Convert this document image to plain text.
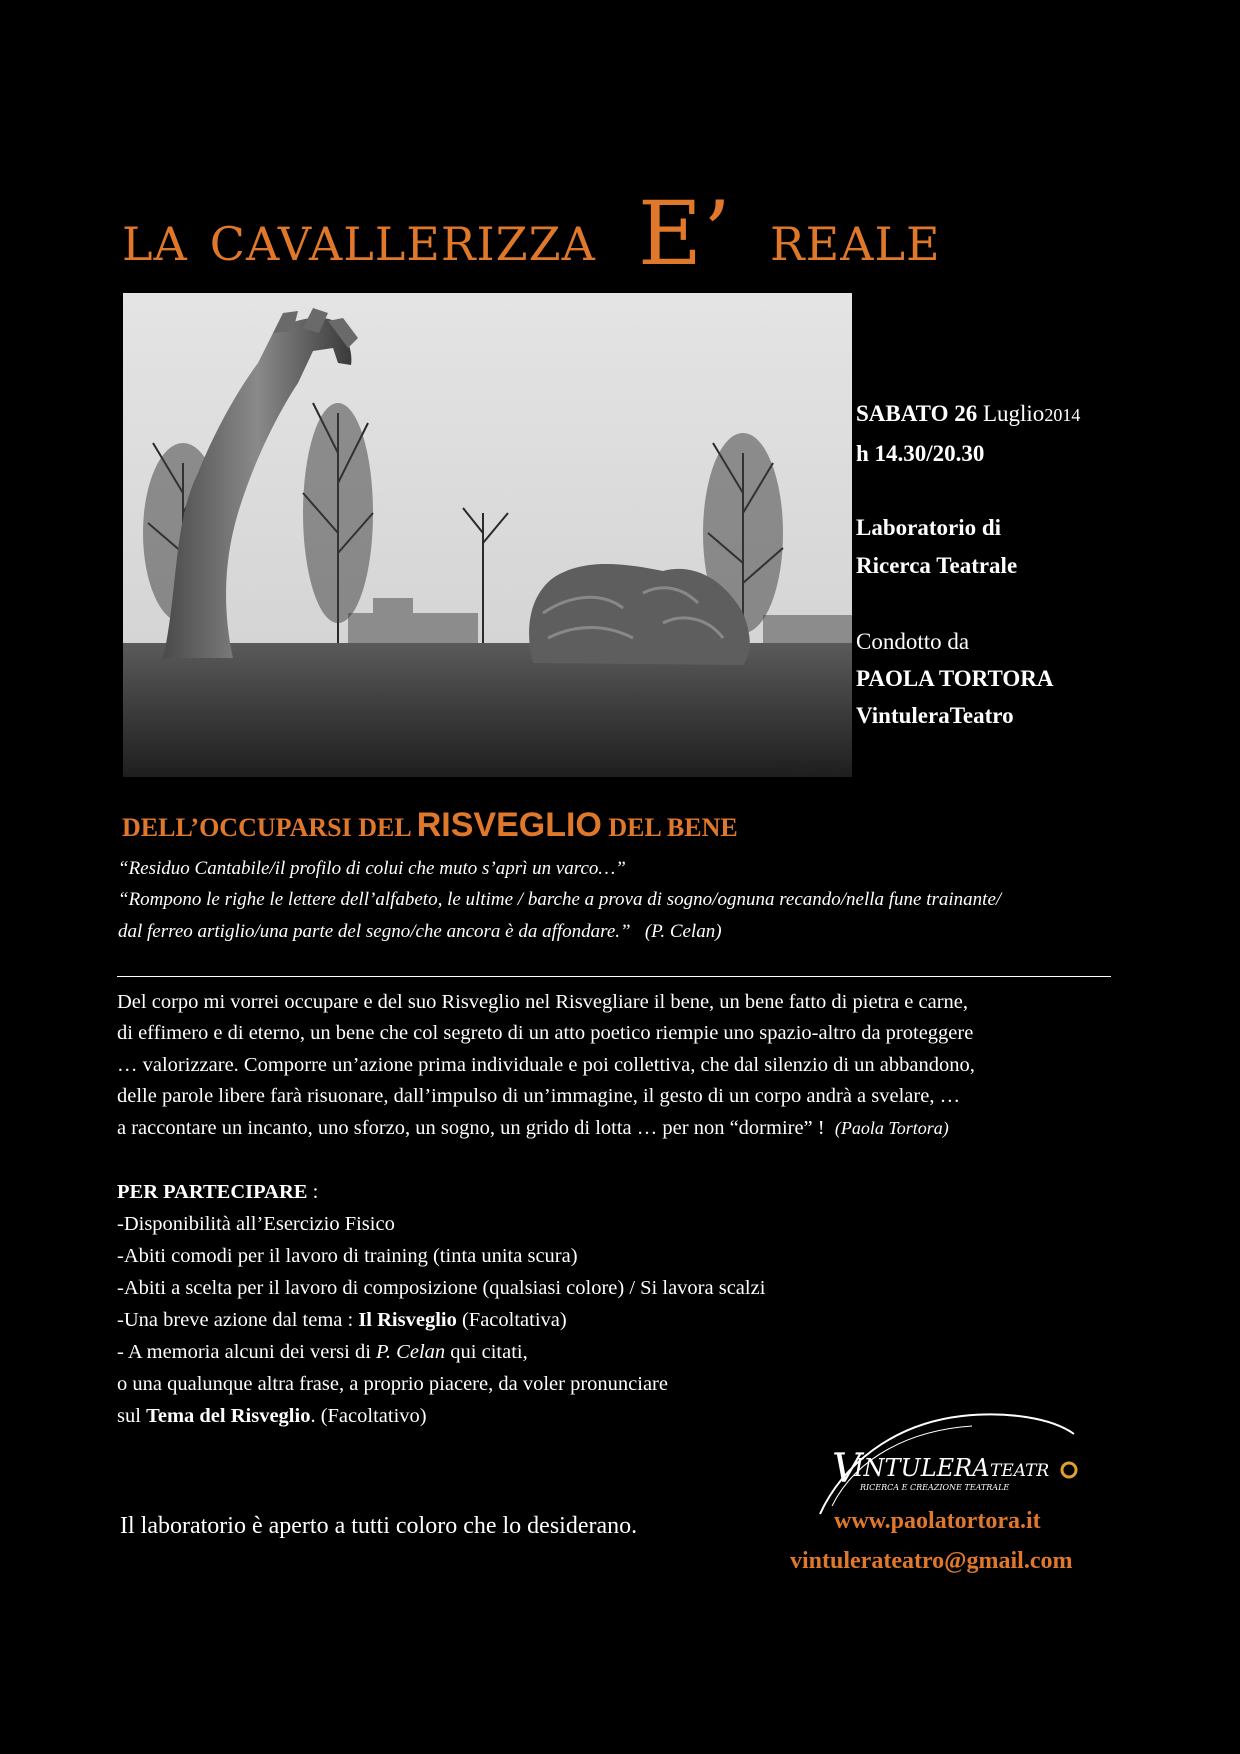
la cavallerizza E’ reale
( S. Johnson)
SABATO 26 Luglio2014
h 14.30/20.30
Laboratorio di
Ricerca Teatrale
Condotto da
PAOLA TORTORA
VintuleraTeatro
DELL’OCCUPARSI DEL RISVEGLIO DEL BENE
“Residuo Cantabile/il profilo di colui che muto s’aprì un varco…”
“Rompono le righe le lettere dell’alfabeto, le ultime / barche a prova di sogno/ognuna recando/nella fune trainante/
dal ferreo artiglio/una parte del segno/che ancora è da affondare.” (P. Celan)
Del corpo mi vorrei occupare e del suo Risveglio nel Risvegliare il bene, un bene fatto di pietra e carne,
di effimero e di eterno, un bene che col segreto di un atto poetico riempie uno spazio-altro da proteggere
… valorizzare. Comporre un’azione prima individuale e poi collettiva, che dal silenzio di un abbandono,
delle parole libere farà risuonare, dall’impulso di un’immagine, il gesto di un corpo andrà a svelare, …
a raccontare un incanto, uno sforzo, un sogno, un grido di lotta … per non “dormire” !  (Paola Tortora)
PER PARTECIPARE :
-Disponibilità all’Esercizio Fisico
-Abiti comodi per il lavoro di training (tinta unita scura)
-Abiti a scelta per il lavoro di composizione (qualsiasi colore) / Si lavora scalzi
-Una breve azione dal tema : Il Risveglio (Facoltativa)
- A memoria alcuni dei versi di P. Celan qui citati,
o una qualunque altra frase, a proprio piacere, da voler pronunciare
sul Tema del Risveglio. (Facoltativo)
V
INTULERA TEATR
RICERCA E CREAZIONE TEATRALE
Il laboratorio è aperto a tutti coloro che lo desiderano.	www.paolatortora.it
vintulerateatro@gmail.com
